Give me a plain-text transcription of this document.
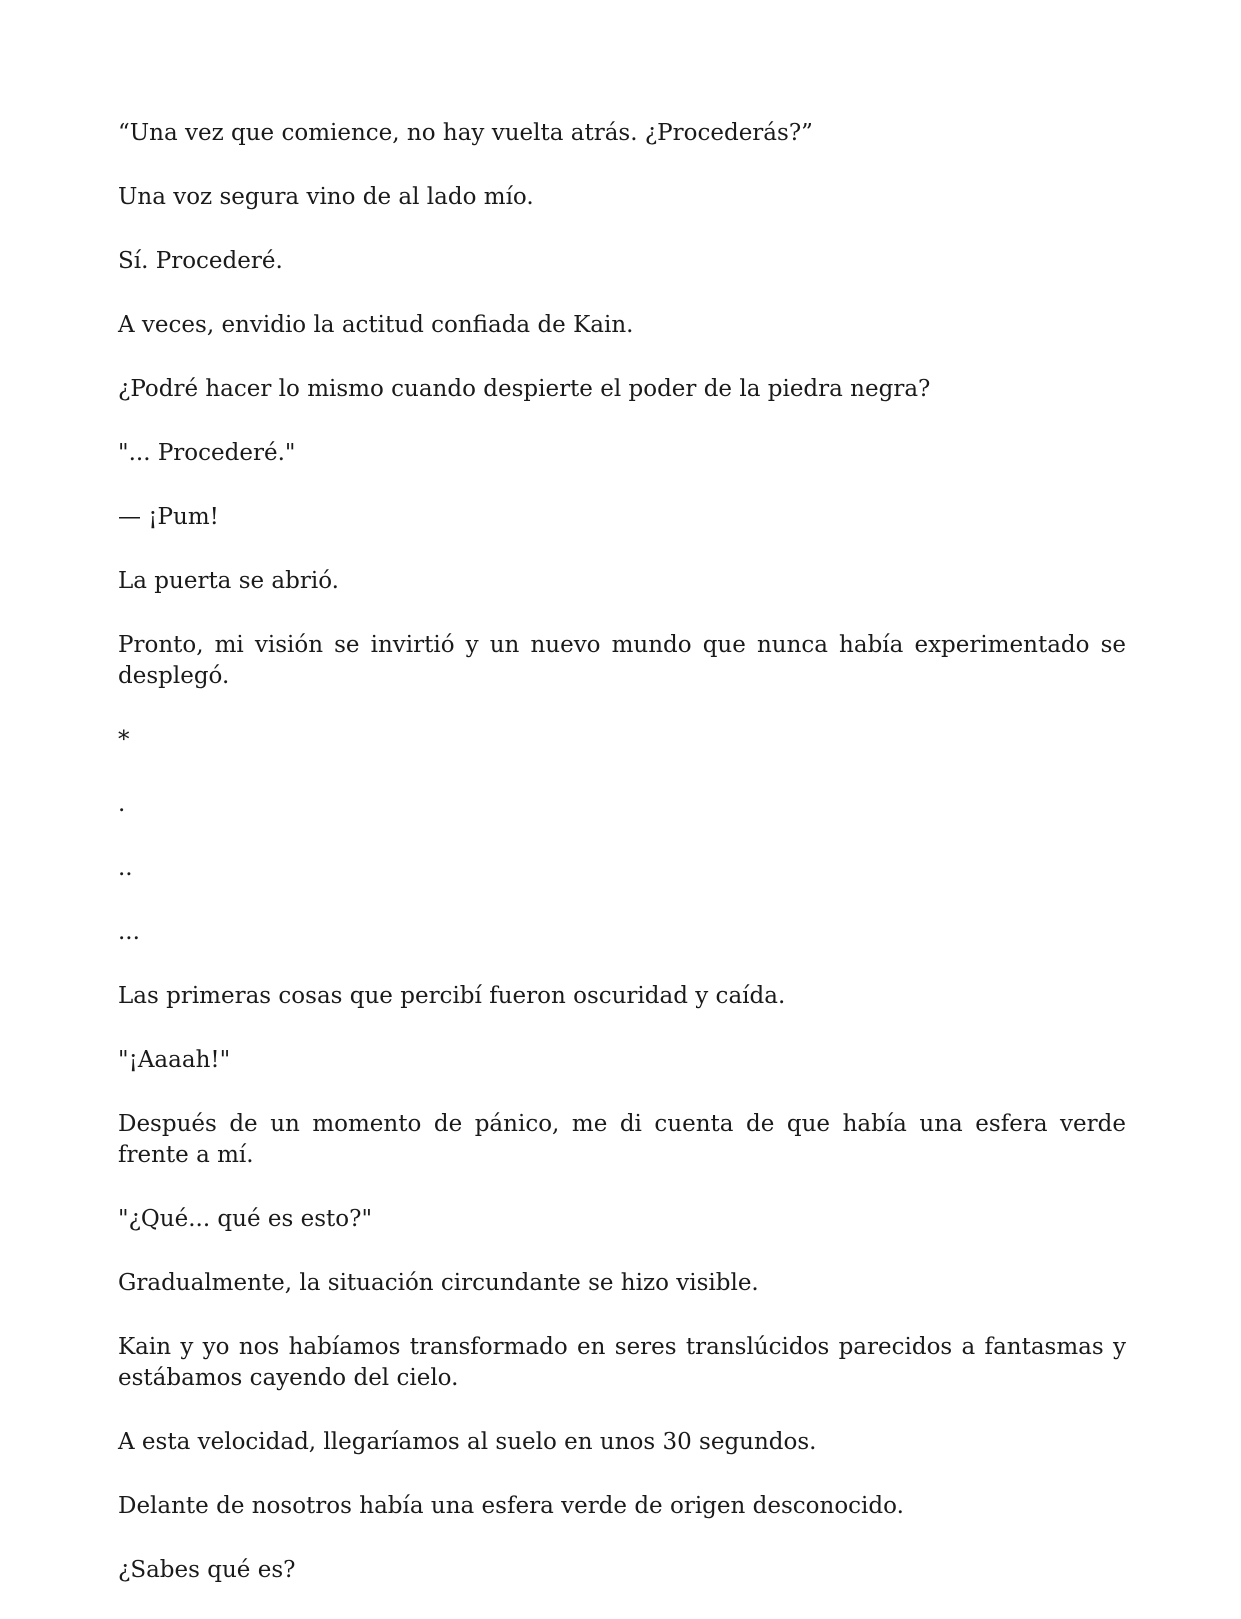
“Una vez que comience, no hay vuelta atrás. ¿Procederás?”

Una voz segura vino de al lado mío.

Sí. Procederé.

A veces, envidio la actitud confiada de Kain.

¿Podré hacer lo mismo cuando despierte el poder de la piedra negra?

"... Procederé."

— ¡Pum!

La puerta se abrió.

Pronto, mi visión se invirtió y un nuevo mundo que nunca había experimentado se desplegó.

*

.

..

...

Las primeras cosas que percibí fueron oscuridad y caída.

"¡Aaaah!"

Después de un momento de pánico, me di cuenta de que había una esfera verde frente a mí.

"¿Qué... qué es esto?"

Gradualmente, la situación circundante se hizo visible.

Kain y yo nos habíamos transformado en seres translúcidos parecidos a fantasmas y estábamos cayendo del cielo.

A esta velocidad, llegaríamos al suelo en unos 30 segundos.

Delante de nosotros había una esfera verde de origen desconocido.

¿Sabes qué es?
